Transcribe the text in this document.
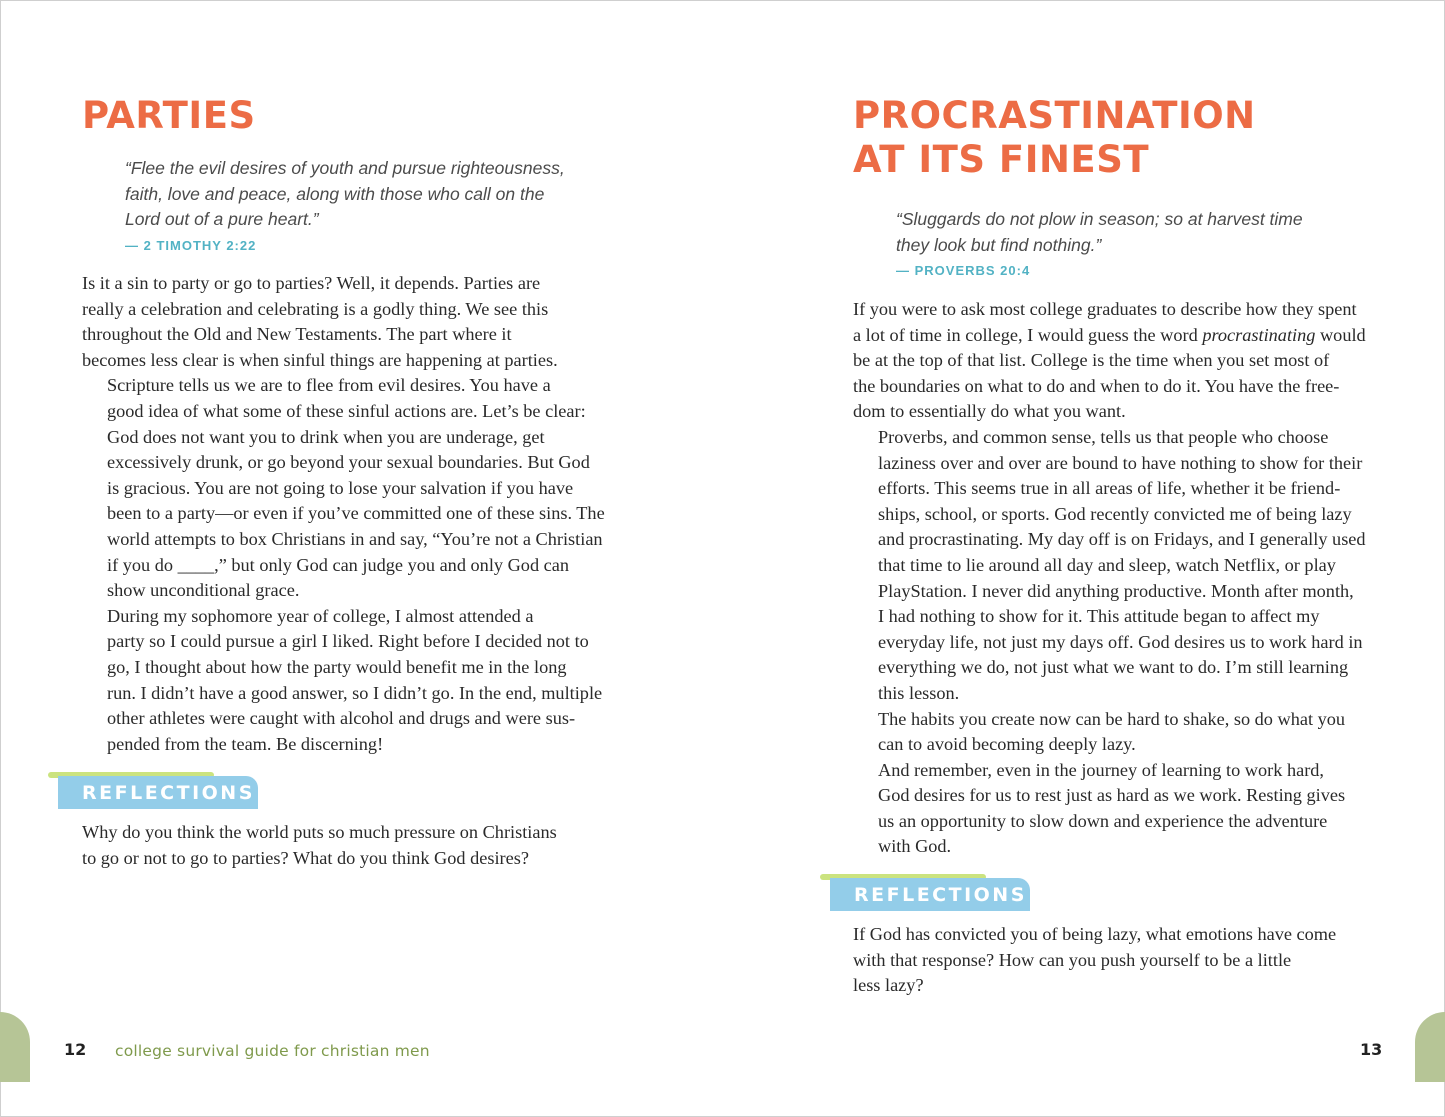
PARTIES
“Flee the evil desires of youth and pursue righteousness,
faith, love and peace, along with those who call on the
Lord out of a pure heart.”
— 2 TIMOTHY 2:22

Is it a sin to party or go to parties? Well, it depends. Parties are
really a celebration and celebrating is a godly thing. We see this
throughout the Old and New Testaments. The part where it
becomes less clear is when sinful things are happening at parties.

Scripture tells us we are to flee from evil desires. You have a
good idea of what some of these sinful actions are. Let’s be clear:
God does not want you to drink when you are underage, get
excessively drunk, or go beyond your sexual boundaries. But God
is gracious. You are not going to lose your salvation if you have
been to a party—or even if you’ve committed one of these sins. The
world attempts to box Christians in and say, “You’re not a Christian
if you do ____,” but only God can judge you and only God can
show unconditional grace.

During my sophomore year of college, I almost attended a
party so I could pursue a girl I liked. Right before I decided not to
go, I thought about how the party would benefit me in the long
run. I didn’t have a good answer, so I didn’t go. In the end, multiple
other athletes were caught with alcohol and drugs and were sus-
pended from the team. Be discerning!

REFLECTIONS

Why do you think the world puts so much pressure on Christians
to go or not to go to parties? What do you think God desires?

PROCRASTINATION
AT ITS FINEST
“Sluggards do not plow in season; so at harvest time
they look but find nothing.”
— PROVERBS 20:4

If you were to ask most college graduates to describe how they spent
a lot of time in college, I would guess the word procrastinating would
be at the top of that list. College is the time when you set most of
the boundaries on what to do and when to do it. You have the free-
dom to essentially do what you want.

Proverbs, and common sense, tells us that people who choose
laziness over and over are bound to have nothing to show for their
efforts. This seems true in all areas of life, whether it be friend-
ships, school, or sports. God recently convicted me of being lazy
and procrastinating. My day off is on Fridays, and I generally used
that time to lie around all day and sleep, watch Netflix, or play
PlayStation. I never did anything productive. Month after month,
I had nothing to show for it. This attitude began to affect my
everyday life, not just my days off. God desires us to work hard in
everything we do, not just what we want to do. I’m still learning
this lesson.

The habits you create now can be hard to shake, so do what you
can to avoid becoming deeply lazy.

And remember, even in the journey of learning to work hard,
God desires for us to rest just as hard as we work. Resting gives
us an opportunity to slow down and experience the adventure
with God.

REFLECTIONS

If God has convicted you of being lazy, what emotions have come
with that response? How can you push yourself to be a little
less lazy?

12 college survival guide for christian men	13
